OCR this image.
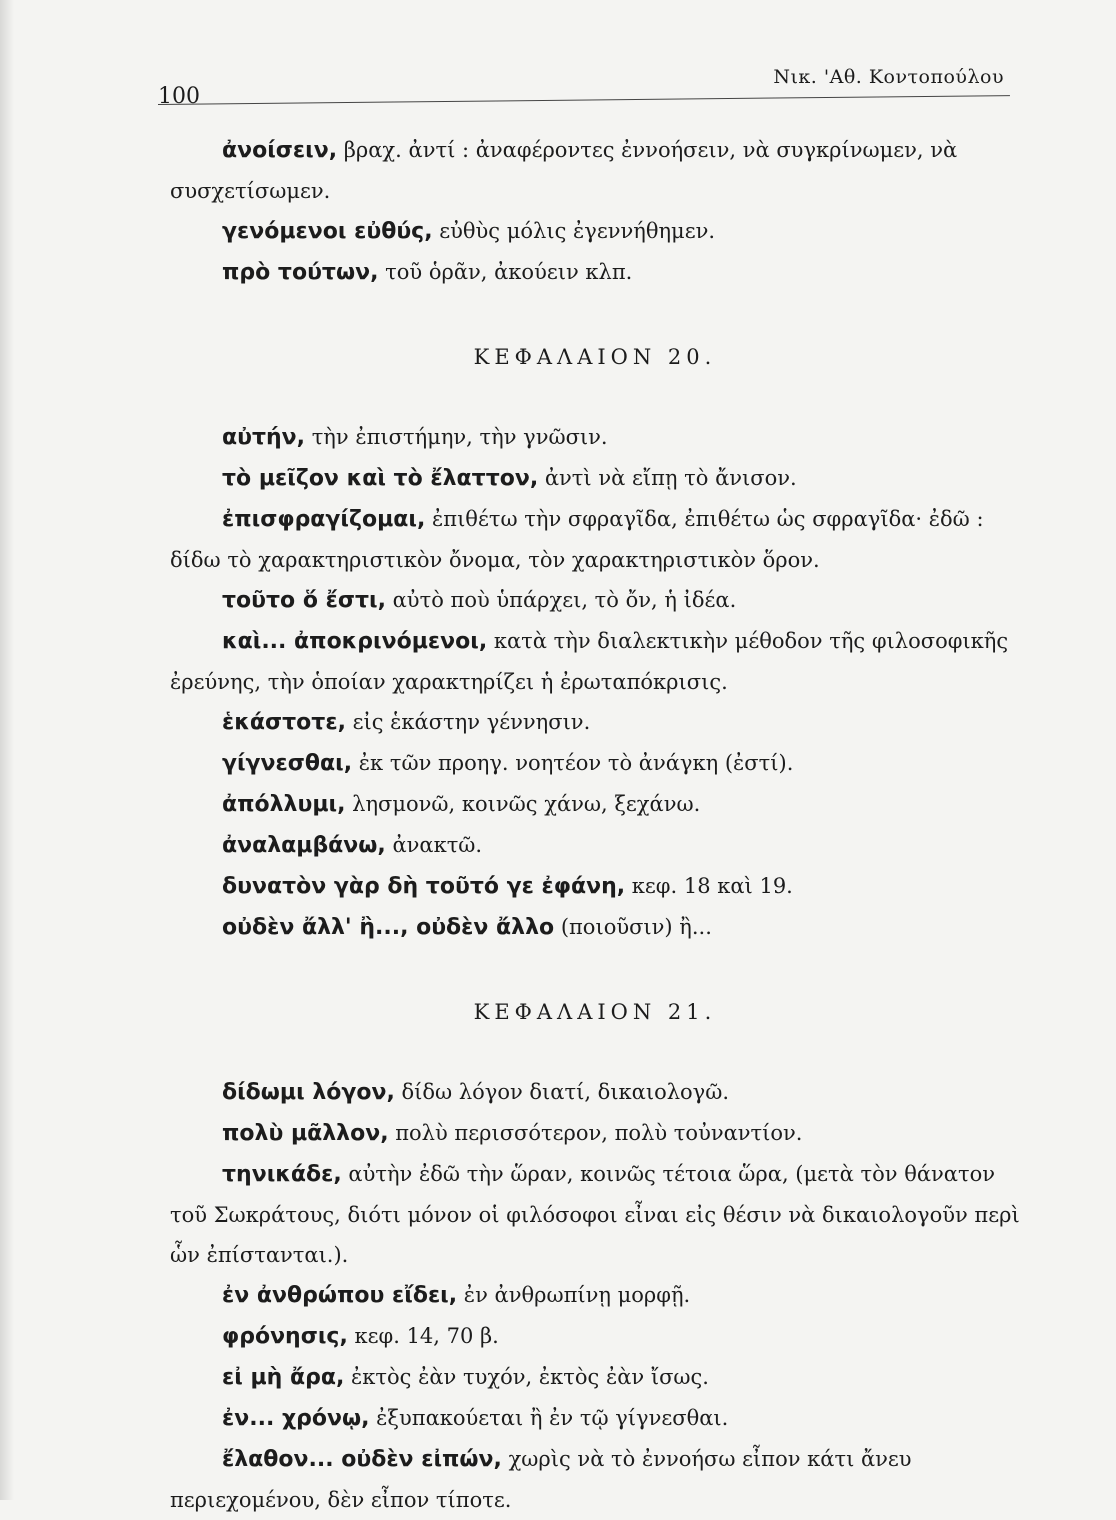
100
Νικ. 'Αθ. Κοντοπούλου
ἀνοίσειν, βραχ. ἀντί : ἀναφέροντες ἐννοήσειν, νὰ συγκρίνωμεν, νὰ συσχετίσωμεν.
γενόμενοι εὐθύς, εὐθὺς μόλις ἐγεννήθημεν.
πρὸ τούτων, τοῦ ὁρᾶν, ἀκούειν κλπ.
ΚΕΦΑΛΑΙΟΝ 20.
αὐτήν, τὴν ἐπιστήμην, τὴν γνῶσιν.
τὸ μεῖζον καὶ τὸ ἔλαττον, ἀντὶ νὰ εἴπῃ τὸ ἄνισον.
ἐπισφραγίζομαι, ἐπιθέτω τὴν σφραγῖδα, ἐπιθέτω ὡς σφραγῖδα· ἐδῶ : δίδω τὸ χαρακτηριστικὸν ὄνομα, τὸν χαρακτηριστικὸν ὅρον.
τοῦτο ὅ ἔστι, αὐτὸ ποὺ ὑπάρχει, τὸ ὄν, ἡ ἰδέα.
καὶ... ἀποκρινόμενοι, κατὰ τὴν διαλεκτικὴν μέθοδον τῆς φιλοσοφικῆς ἐρεύνης, τὴν ὁποίαν χαρακτηρίζει ἡ ἐρωταπόκρισις.
ἑκάστοτε, εἰς ἑκάστην γέννησιν.
γίγνεσθαι, ἐκ τῶν προηγ. νοητέον τὸ ἀνάγκη (ἐστί).
ἀπόλλυμι, λησμονῶ, κοινῶς χάνω, ξεχάνω.
ἀναλαμβάνω, ἀνακτῶ.
δυνατὸν γὰρ δὴ τοῦτό γε ἐφάνη, κεφ. 18 καὶ 19.
οὐδὲν ἄλλ' ἢ..., οὐδὲν ἄλλο (ποιοῦσιν) ἢ...
ΚΕΦΑΛΑΙΟΝ 21.
δίδωμι λόγον, δίδω λόγον διατί, δικαιολογῶ.
πολὺ μᾶλλον, πολὺ περισσότερον, πολὺ τοὐναντίον.
τηνικάδε, αὐτὴν ἐδῶ τὴν ὥραν, κοινῶς τέτοια ὥρα, (μετὰ τὸν θάνατον τοῦ Σωκράτους, διότι μόνον οἱ φιλόσοφοι εἶναι εἰς θέσιν νὰ δικαιολογοῦν περὶ ὧν ἐπίστανται.).
ἐν ἀνθρώπου εἴδει, ἐν ἀνθρωπίνῃ μορφῇ.
φρόνησις, κεφ. 14, 70 β.
εἰ μὴ ἄρα, ἐκτὸς ἐὰν τυχόν, ἐκτὸς ἐὰν ἴσως.
ἐν... χρόνῳ, ἐξυπακούεται ἢ ἐν τῷ γίγνεσθαι.
ἔλαθον... οὐδὲν εἰπών, χωρὶς νὰ τὸ ἐννοήσω εἶπον κάτι ἄνευ περιεχομένου, δὲν εἶπον τίποτε.
